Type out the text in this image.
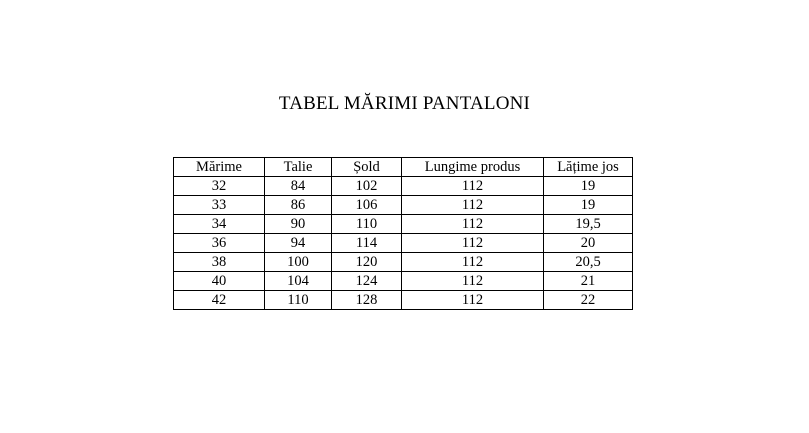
TABEL MĂRIMI PANTALONI
Mărime	Talie	Șold	Lungime produs	Lățime jos
32	84	102	112	19
33	86	106	112	19
34	90	110	112	19,5
36	94	114	112	20
38	100	120	112	20,5
40	104	124	112	21
42	110	128	112	22
